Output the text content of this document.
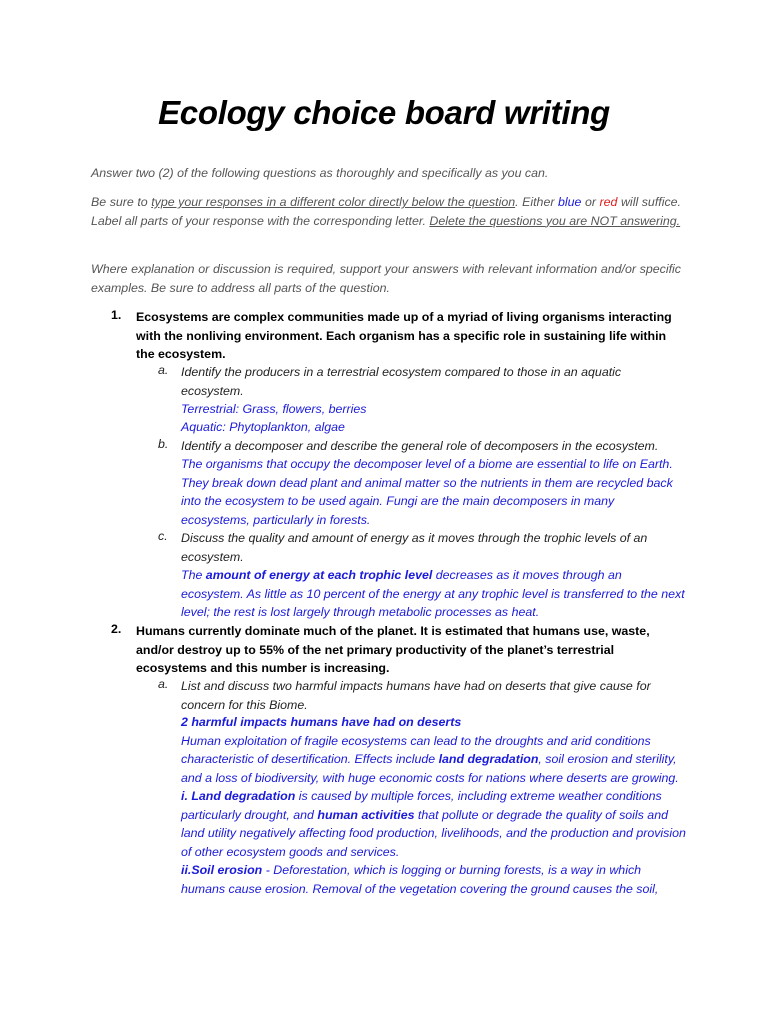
Ecology choice board writing
Answer two (2) of the following questions as thoroughly and specifically as you can.
Be sure to type your responses in a different color directly below the question. Either blue or red will suffice. Label all parts of your response with the corresponding letter. Delete the questions you are NOT answering.
Where explanation or discussion is required, support your answers with relevant information and/or specific examples. Be sure to address all parts of the question.
1. Ecosystems are complex communities made up of a myriad of living organisms interacting with the nonliving environment. Each organism has a specific role in sustaining life within the ecosystem.
a. Identify the producers in a terrestrial ecosystem compared to those in an aquatic ecosystem.
Terrestrial: Grass, flowers, berries
Aquatic: Phytoplankton, algae
b. Identify a decomposer and describe the general role of decomposers in the ecosystem.
The organisms that occupy the decomposer level of a biome are essential to life on Earth. They break down dead plant and animal matter so the nutrients in them are recycled back into the ecosystem to be used again. Fungi are the main decomposers in many ecosystems, particularly in forests.
c. Discuss the quality and amount of energy as it moves through the trophic levels of an ecosystem.
The amount of energy at each trophic level decreases as it moves through an ecosystem. As little as 10 percent of the energy at any trophic level is transferred to the next level; the rest is lost largely through metabolic processes as heat.
2. Humans currently dominate much of the planet. It is estimated that humans use, waste, and/or destroy up to 55% of the net primary productivity of the planet’s terrestrial ecosystems and this number is increasing.
a. List and discuss two harmful impacts humans have had on deserts that give cause for concern for this Biome.
2 harmful impacts humans have had on deserts
Human exploitation of fragile ecosystems can lead to the droughts and arid conditions characteristic of desertification. Effects include land degradation, soil erosion and sterility, and a loss of biodiversity, with huge economic costs for nations where deserts are growing.
i. Land degradation is caused by multiple forces, including extreme weather conditions particularly drought, and human activities that pollute or degrade the quality of soils and land utility negatively affecting food production, livelihoods, and the production and provision of other ecosystem goods and services.
ii.Soil erosion - Deforestation, which is logging or burning forests, is a way in which humans cause erosion. Removal of the vegetation covering the ground causes the soil,
